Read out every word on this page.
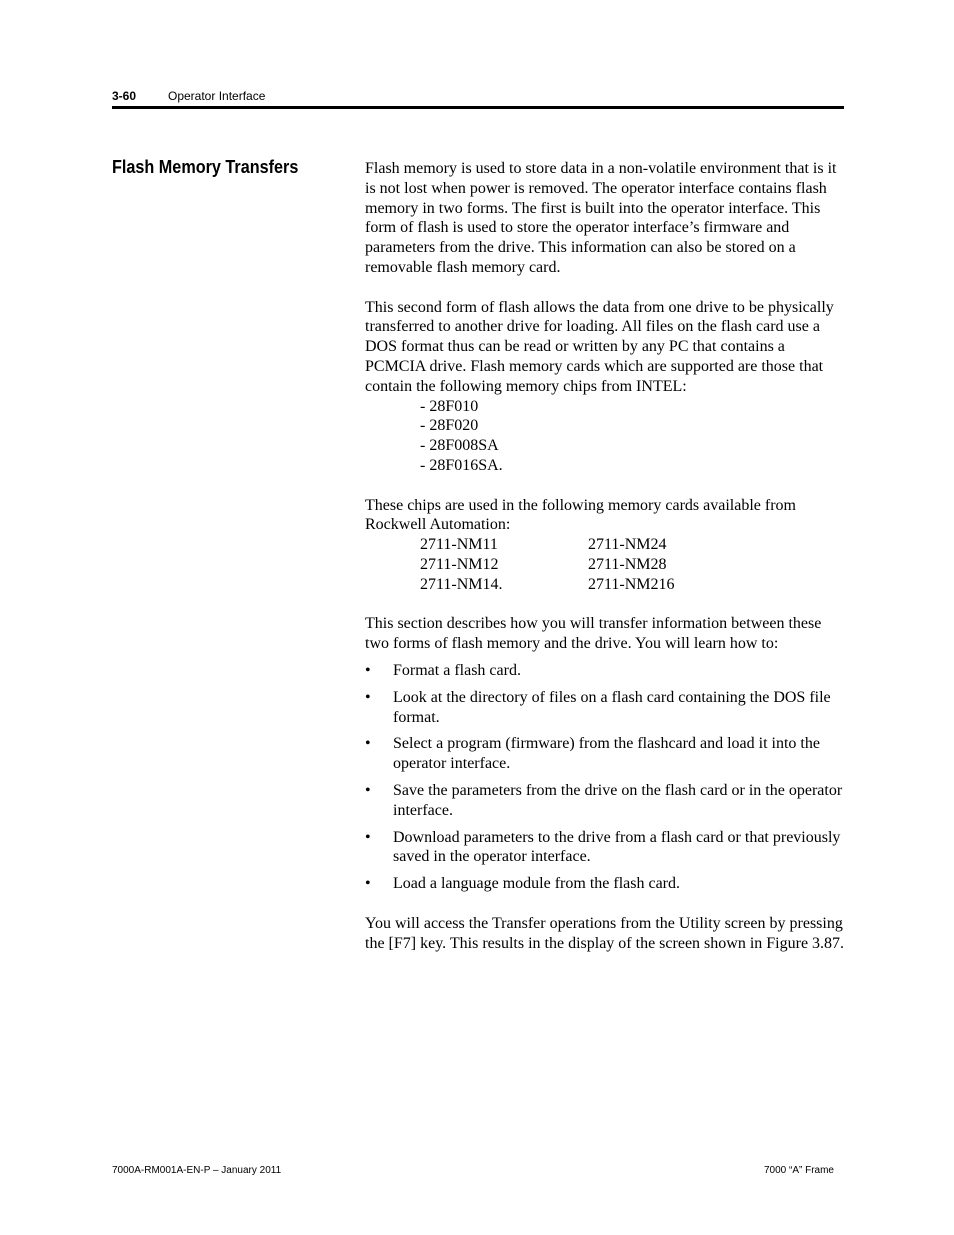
3-60	Operator Interface
Flash Memory Transfers	Flash memory is used to store data in a non-volatile environment that is it is not lost when power is removed. The operator interface contains flash memory in two forms. The first is built into the operator interface. This form of flash is used to store the operator interface’s firmware and parameters from the drive. This information can also be stored on a removable flash memory card.

This second form of flash allows the data from one drive to be physically transferred to another drive for loading. All files on the flash card use a DOS format thus can be read or written by any PC that contains a PCMCIA drive. Flash memory cards which are supported are those that contain the following memory chips from INTEL:

- 28F010
- 28F020
- 28F008SA
- 28F016SA.

These chips are used in the following memory cards available from Rockwell Automation:

2711-NM11	2711-NM24
2711-NM12	2711-NM28
2711-NM14.	2711-NM216

This section describes how you will transfer information between these two forms of flash memory and the drive. You will learn how to:

• Format a flash card.
• Look at the directory of files on a flash card containing the DOS file format.
• Select a program (firmware) from the flashcard and load it into the operator interface.
• Save the parameters from the drive on the flash card or in the operator interface.
• Download parameters to the drive from a flash card or that previously saved in the operator interface.
• Load a language module from the flash card.

You will access the Transfer operations from the Utility screen by pressing the [F7] key. This results in the display of the screen shown in Figure 3.87.

7000A-RM001A-EN-P – January 2011	7000 “A” Frame
